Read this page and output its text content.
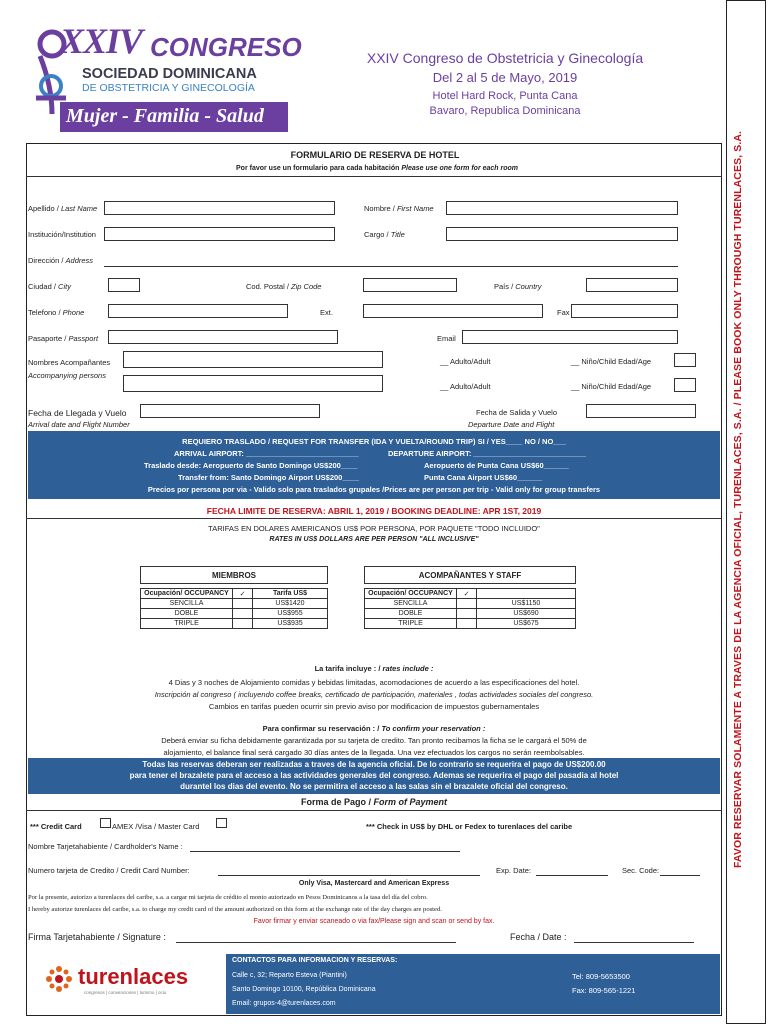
FAVOR RESERVAR SOLAMENTE A TRAVES DE LA AGENCIA OFICIAL, TURENLACES, S.A. / PLEASE BOOK ONLY THROUGH TURENLACES, S.A.
XXIV CONGRESO
SOCIEDAD DOMINICANA
DE OBSTETRICIA Y GINECOLOGÍA
Mujer - Familia - Salud
XXIV Congreso de Obstetricia y Ginecología
Del 2 al 5 de Mayo, 2019
Hotel Hard Rock, Punta Cana
Bavaro, Republica Dominicana
FORMULARIO DE RESERVA DE HOTEL
Por favor use un formulario para cada habitación Please use one form for each room
Apellido / Last Name	Nombre / First Name
Institución/Institution	Cargo / Title
Dirección / Address
Ciudad / City	Cod. Postal / Zip Code	País / Country
Telefono / Phone	Ext.	Fax
Pasaporte / Passport	Email
Nombres Acompañantes
Accompanying persons
__ Adulto/Adult	__ Niño/Child Edad/Age
__ Adulto/Adult	__ Niño/Child Edad/Age
Fecha de Llegada y Vuelo
Arrival date and Flight Number
Fecha de Salida y Vuelo
Departure Date and Flight
REQUIERO TRASLADO / REQUEST FOR TRANSFER (IDA Y VUELTA/ROUND TRIP) SI / YES____ NO / NO___
ARRIVAL AIRPORT: ___________________________	DEPARTURE AIRPORT: ___________________________
Traslado desde: Aeropuerto de Santo Domingo US$200____	Aeropuerto de Punta Cana US$60______
Transfer from: Santo Domingo Airport US$200____	Punta Cana Airport US$60______
Precios por persona por via - Valido solo para traslados grupales /Prices are per person per trip - Valid only for group transfers
FECHA LIMITE DE RESERVA: ABRIL 1, 2019 / BOOKING DEADLINE: APR 1ST, 2019
TARIFAS EN DOLARES AMERICANOS US$ POR PERSONA, POR PAQUETE "TODO INCLUIDO"
RATES IN US$ DOLLARS ARE PER PERSON "ALL INCLUSIVE"
MIEMBROS
Ocupación/ OCCUPANCY	✓	Tarifa US$
SENCILLA		US$1420
DOBLE		US$955
TRIPLE		US$935
ACOMPAÑANTES Y STAFF
Ocupación/ OCCUPANCY	✓	
SENCILLA		US$1150
DOBLE		US$690
TRIPLE		US$675
La tarifa incluye : / rates include :
4 Dias y 3 noches de Alojamiento comidas y bebidas limitadas, acomodaciones de acuerdo a las especificaciones del hotel.
Inscripción al congreso ( incluyendo coffee breaks, certificado de participación, materiales , todas actividades sociales del congreso.
Cambios en tarifas pueden ocurrir sin previo aviso por modificacion de impuestos gubernamentales
Para confirmar su reservación : / To confirm your reservation :
Deberá enviar su ficha debidamente garantizada por su tarjeta de credito. Tan pronto recibamos la ficha se le cargará el 50% de
alojamiento, el balance final será cargado 30 días antes de la llegada. Una vez efectuados los cargos no serán reembolsables.
Todas las reservas deberan ser realizadas a traves de la agencia oficial. De lo contrario se requerira el pago de US$200.00
para tener el brazalete para el acceso a las actividades generales del congreso. Ademas se requerira el pago del pasadia al hotel
durantel los dias del evento. No se permitira el acceso a las salas sin el brazalete oficial del congreso.
Forma de Pago / Form of Payment
*** Credit Card	AMEX /Visa / Master Card	*** Check in US$ by DHL or Fedex to turenlaces del caribe
Nombre Tarjetahabiente / Cardholder's Name :
Numero tarjeta de Credito / Credit Card Number:	Exp. Date:	Sec. Code:
Only Visa, Mastercard and American Express
Por la presente, autorizo a turenlaces del caribe, s.a. a cargar mi tarjeta de crédito el monto autorizado en Pesos Dominicanos a la tasa del día del cobro.
I hereby autorize turenlaces del caribe, s.a. to charge my credit card of the amount authorized on this form at the exchange rate of the day charges are posted.
Favor firmar y enviar scaneado o via fax/Please sign and scan or send by fax.
Firma Tarjetahabiente / Signature :	Fecha / Date :
turenlaces
congresos | convenciones | turismo | ocio
CONTACTOS PARA INFORMACION Y RESERVAS:
Calle c, 32; Reparto Esteva (Piantini)
Santo Domingo 10100, República Dominicana
Email: grupos-4@turenlaces.com
Tel: 809-5653500
Fax: 809-565-1221
